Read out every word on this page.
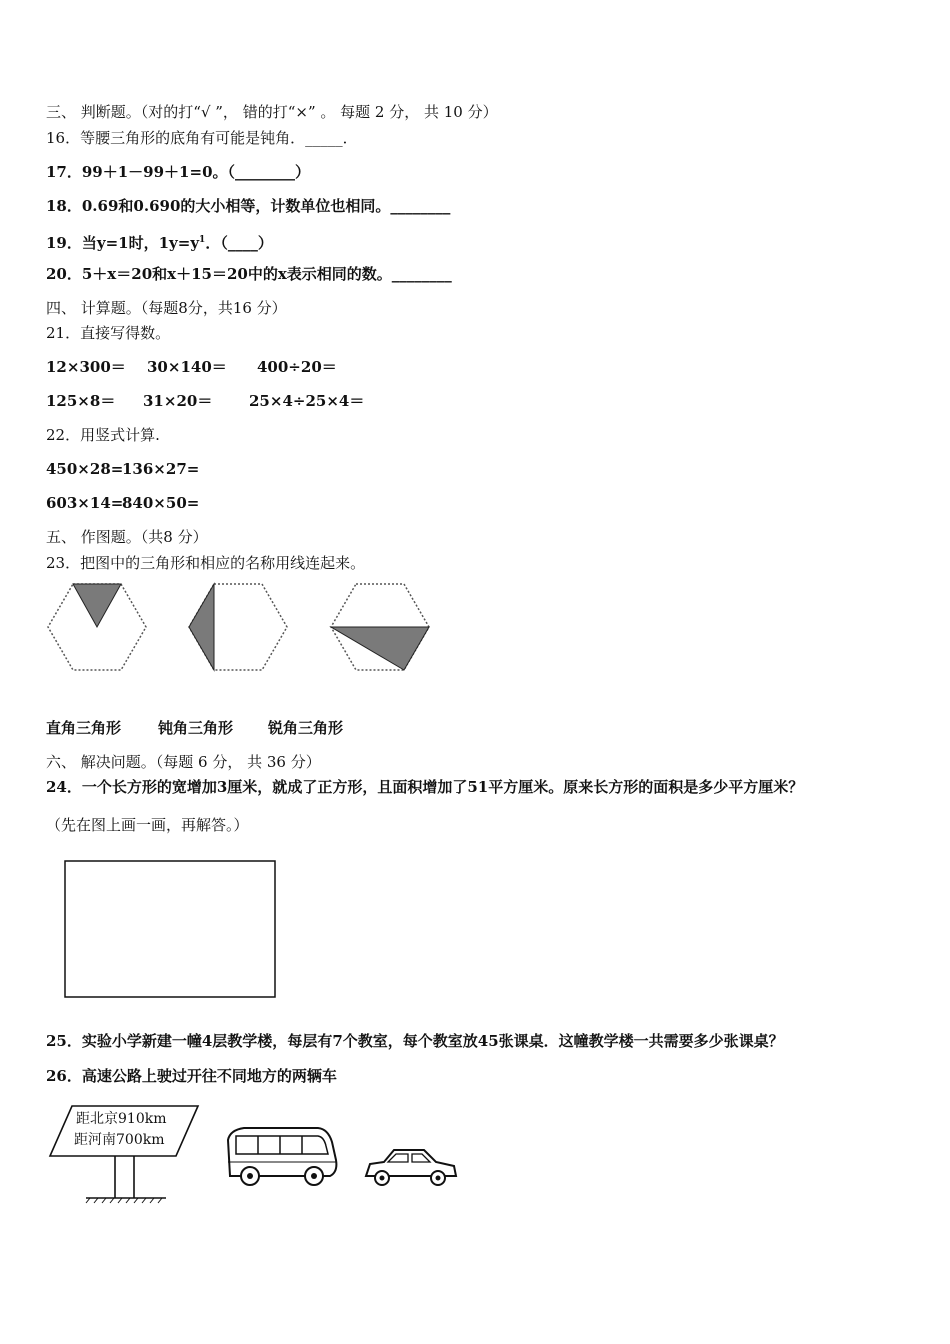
三、 判断题。（对的打“√ ”， 错的打“×” 。 每题 2 分， 共 10 分）
16．等腰三角形的底角有可能是钝角．_____．
17．99＋1－99＋1=0。（________）
18．0.69和0.690的大小相等，计数单位也相同。________
19．当y=1时，$1y=y^1$．（____）
20．5＋x＝20和x＋15＝20中的x表示相同的数。________
四、 计算题。（每题8分，共16 分）
21．直接写得数。
12×300＝ 30×140＝ 400÷20＝
125×8＝ 31×20＝ 25×4÷25×4＝
22．用竖式计算.
450×28=136×27=
603×14=840×50=
五、 作图题。（共8 分）
23．把图中的三角形和相应的名称用线连起来。
直角三角形 钝角三角形 锐角三角形
六、 解决问题。（每题 6 分， 共 36 分）
24．一个长方形的宽增加3厘米，就成了正方形，且面积增加了51平方厘米。原来长方形的面积是多少平方厘米？
（先在图上画一画，再解答。）
25．实验小学新建一幢4层教学楼，每层有7个教室，每个教室放45张课桌．这幢教学楼一共需要多少张课桌？
26．高速公路上驶过开往不同地方的两辆车
距北京910km
距河南700km
